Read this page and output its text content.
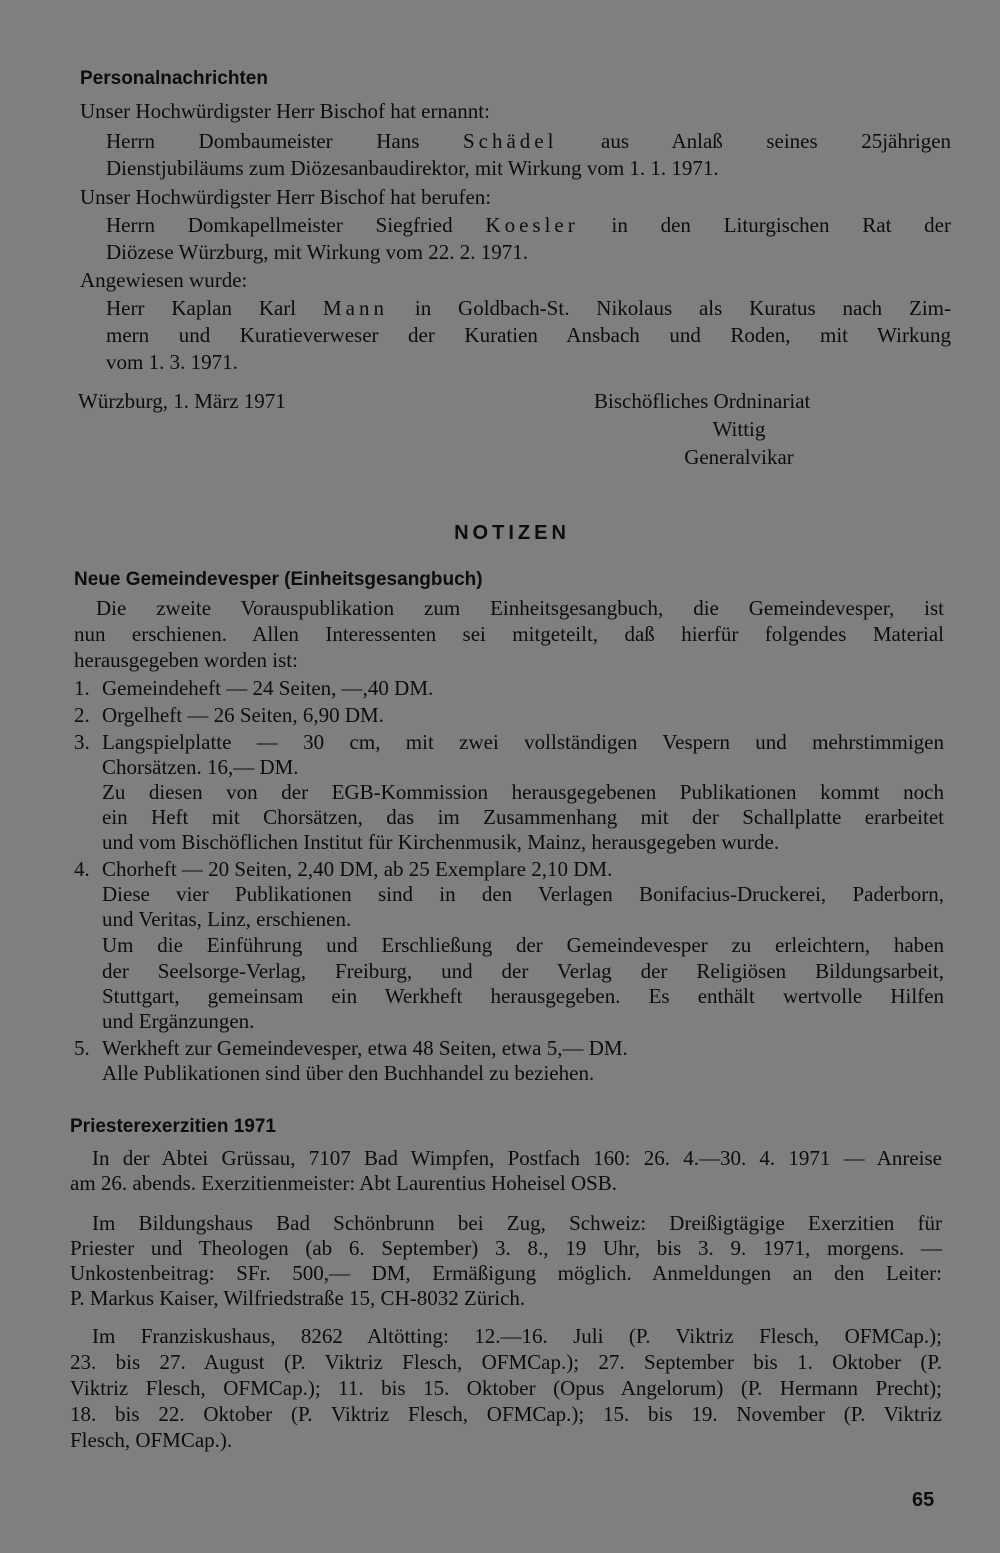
Personalnachrichten
Unser Hochwürdigster Herr Bischof hat ernannt:
Herrn Dombaumeister Hans Schädel aus Anlaß seines 25jährigen
Dienstjubiläums zum Diözesanbaudirektor, mit Wirkung vom 1. 1. 1971.
Unser Hochwürdigster Herr Bischof hat berufen:
Herrn Domkapellmeister Siegfried Koesler in den Liturgischen Rat der
Diözese Würzburg, mit Wirkung vom 22. 2. 1971.
Angewiesen wurde:
Herr Kaplan Karl Mann in Goldbach-St. Nikolaus als Kuratus nach Zim-
mern und Kuratieverweser der Kuratien Ansbach und Roden, mit Wirkung
vom 1. 3. 1971.
Würzburg, 1. März 1971	Bischöfliches Ordninariat
Wittig
Generalvikar
NOTIZEN
Neue Gemeindevesper (Einheitsgesangbuch)
Die zweite Vorauspublikation zum Einheitsgesangbuch, die Gemeindevesper, ist
nun erschienen. Allen Interessenten sei mitgeteilt, daß hierfür folgendes Material
herausgegeben worden ist:
1. Gemeindeheft — 24 Seiten, —,40 DM.
2. Orgelheft — 26 Seiten, 6,90 DM.
3. Langspielplatte — 30 cm, mit zwei vollständigen Vespern und mehrstimmigen
Chorsätzen. 16,— DM.
Zu diesen von der EGB-Kommission herausgegebenen Publikationen kommt noch
ein Heft mit Chorsätzen, das im Zusammenhang mit der Schallplatte erarbeitet
und vom Bischöflichen Institut für Kirchenmusik, Mainz, herausgegeben wurde.
4. Chorheft — 20 Seiten, 2,40 DM, ab 25 Exemplare 2,10 DM.
Diese vier Publikationen sind in den Verlagen Bonifacius-Druckerei, Paderborn,
und Veritas, Linz, erschienen.
Um die Einführung und Erschließung der Gemeindevesper zu erleichtern, haben
der Seelsorge-Verlag, Freiburg, und der Verlag der Religiösen Bildungsarbeit,
Stuttgart, gemeinsam ein Werkheft herausgegeben. Es enthält wertvolle Hilfen
und Ergänzungen.
5. Werkheft zur Gemeindevesper, etwa 48 Seiten, etwa 5,— DM.
Alle Publikationen sind über den Buchhandel zu beziehen.
Priesterexerzitien 1971
In der Abtei Grüssau, 7107 Bad Wimpfen, Postfach 160: 26. 4.—30. 4. 1971 — Anreise
am 26. abends. Exerzitienmeister: Abt Laurentius Hoheisel OSB.
Im Bildungshaus Bad Schönbrunn bei Zug, Schweiz: Dreißigtägige Exerzitien für
Priester und Theologen (ab 6. September) 3. 8., 19 Uhr, bis 3. 9. 1971, morgens. —
Unkostenbeitrag: SFr. 500,— DM, Ermäßigung möglich. Anmeldungen an den Leiter:
P. Markus Kaiser, Wilfriedstraße 15, CH-8032 Zürich.
Im Franziskushaus, 8262 Altötting: 12.—16. Juli (P. Viktriz Flesch, OFMCap.);
23. bis 27. August (P. Viktriz Flesch, OFMCap.); 27. September bis 1. Oktober (P.
Viktriz Flesch, OFMCap.); 11. bis 15. Oktober (Opus Angelorum) (P. Hermann Precht);
18. bis 22. Oktober (P. Viktriz Flesch, OFMCap.); 15. bis 19. November (P. Viktriz
Flesch, OFMCap.).
65
